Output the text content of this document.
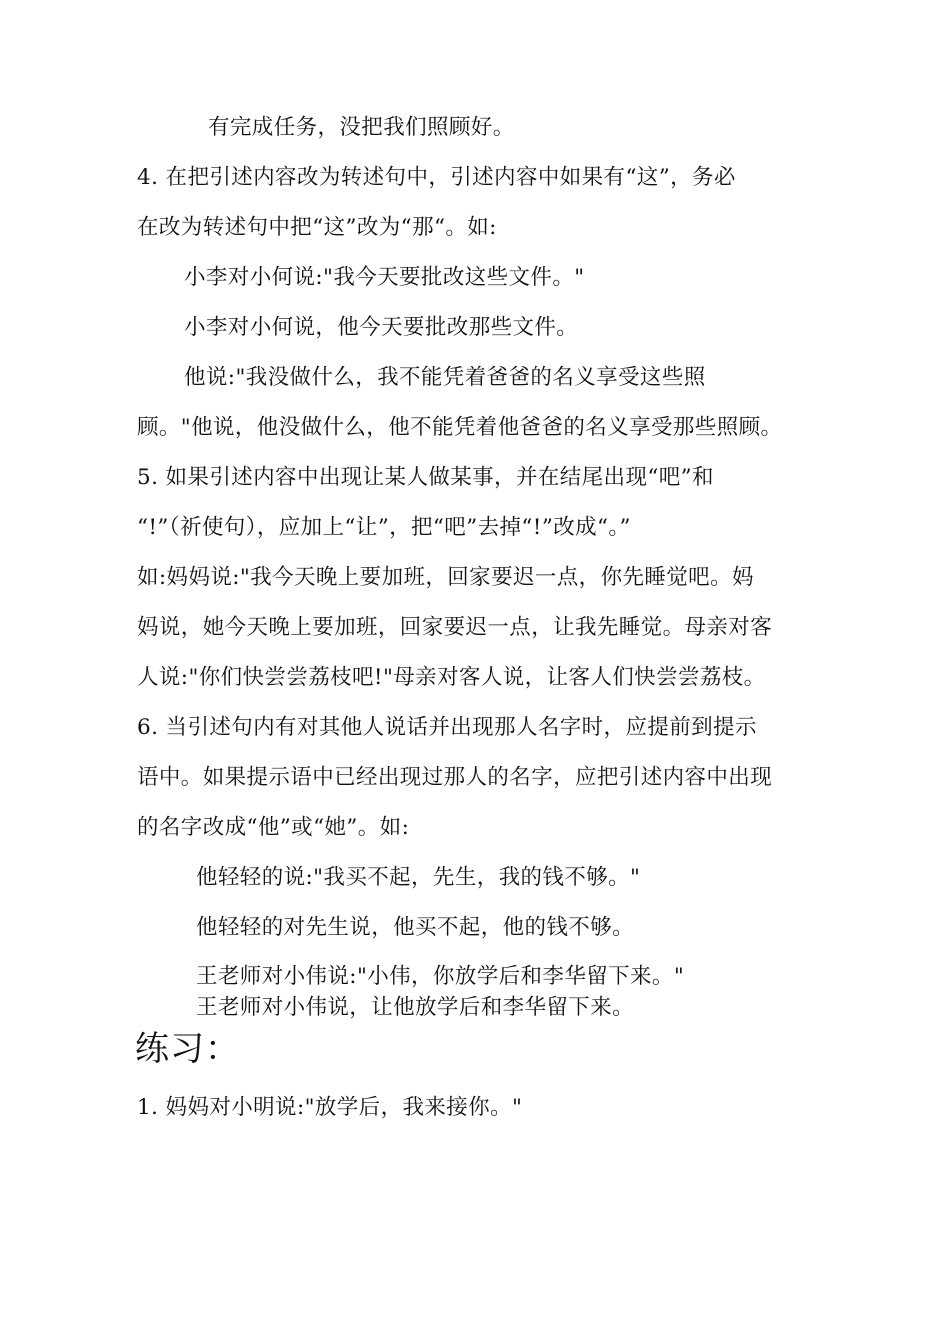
有完成任务，没把我们照顾好。
4. 在把引述内容改为转述句中，引述内容中如果有“这”，务必
在改为转述句中把“这”改为“那“。如:
小李对小何说:"我今天要批改这些文件。"
小李对小何说，他今天要批改那些文件。
他说:"我没做什么，我不能凭着爸爸的名义享受这些照
顾。"他说，他没做什么，他不能凭着他爸爸的名义享受那些照顾。
5. 如果引述内容中出现让某人做某事，并在结尾出现“吧”和
“!”（祈使句），应加上“让”，把“吧”去掉“!”改成“。”
如:妈妈说:"我今天晚上要加班，回家要迟一点，你先睡觉吧。妈
妈说，她今天晚上要加班，回家要迟一点，让我先睡觉。母亲对客
人说:"你们快尝尝荔枝吧!"母亲对客人说，让客人们快尝尝荔枝。
6. 当引述句内有对其他人说话并出现那人名字时，应提前到提示
语中。如果提示语中已经出现过那人的名字，应把引述内容中出现
的名字改成“他”或“她”。如:
他轻轻的说:"我买不起，先生，我的钱不够。"
他轻轻的对先生说，他买不起，他的钱不够。
王老师对小伟说:"小伟，你放学后和李华留下来。"
王老师对小伟说，让他放学后和李华留下来。
练习：
1. 妈妈对小明说:"放学后，我来接你。"
